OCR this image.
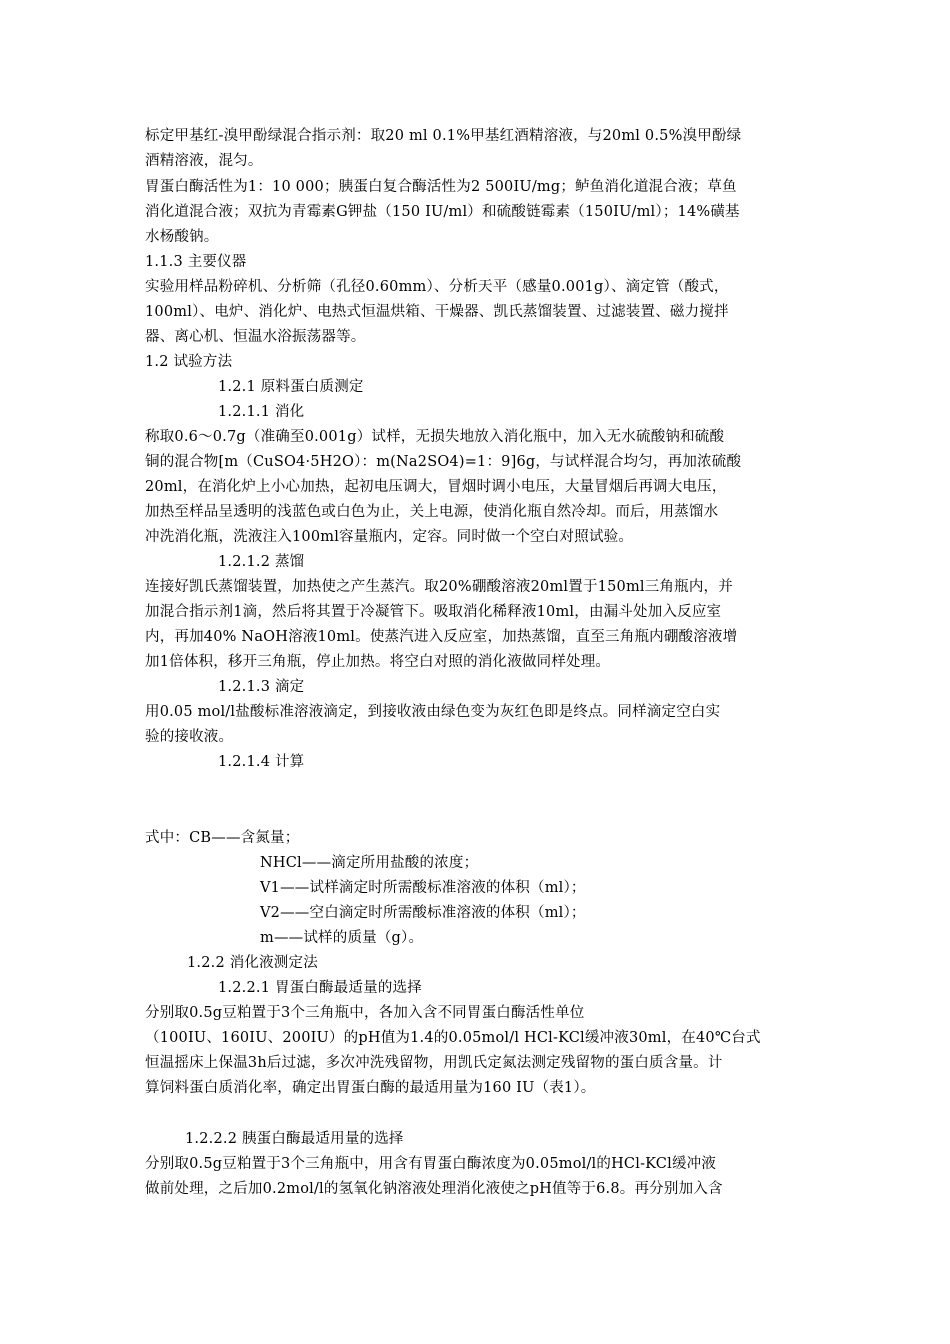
标定甲基红-溴甲酚绿混合指示剂：取20 ml 0.1%甲基红酒精溶液，与20ml 0.5%溴甲酚绿
酒精溶液，混匀。
胃蛋白酶活性为1：10 000；胰蛋白复合酶活性为2 500IU/mg；鲈鱼消化道混合液；草鱼
消化道混合液；双抗为青霉素G钾盐（150 IU/ml）和硫酸链霉素（150IU/ml）；14%磺基
水杨酸钠。
1.1.3 主要仪器
实验用样品粉碎机、分析筛（孔径0.60mm）、分析天平（感量0.001g）、滴定管（酸式，
100ml）、电炉、消化炉、电热式恒温烘箱、干燥器、凯氏蒸馏装置、过滤装置、磁力搅拌
器、离心机、恒温水浴振荡器等。
1.2 试验方法
1.2.1 原料蛋白质测定
1.2.1.1 消化
称取0.6～0.7g（准确至0.001g）试样，无损失地放入消化瓶中，加入无水硫酸钠和硫酸
铜的混合物[m（CuSO4·5H2O）：m(Na2SO4)=1：9]6g，与试样混合均匀，再加浓硫酸
20ml，在消化炉上小心加热，起初电压调大，冒烟时调小电压，大量冒烟后再调大电压，
加热至样品呈透明的浅蓝色或白色为止，关上电源，使消化瓶自然冷却。而后，用蒸馏水
冲洗消化瓶，洗液注入100ml容量瓶内，定容。同时做一个空白对照试验。
1.2.1.2 蒸馏
连接好凯氏蒸馏装置，加热使之产生蒸汽。取20%硼酸溶液20ml置于150ml三角瓶内，并
加混合指示剂1滴，然后将其置于冷凝管下。吸取消化稀释液10ml，由漏斗处加入反应室
内，再加40% NaOH溶液10ml。使蒸汽进入反应室，加热蒸馏，直至三角瓶内硼酸溶液增
加1倍体积，移开三角瓶，停止加热。将空白对照的消化液做同样处理。
1.2.1.3 滴定
用0.05 mol/l盐酸标准溶液滴定，到接收液由绿色变为灰红色即是终点。同样滴定空白实
验的接收液。
1.2.1.4 计算
式中：CB——含氮量；
NHCl——滴定所用盐酸的浓度；
V1——试样滴定时所需酸标准溶液的体积（ml）；
V2——空白滴定时所需酸标准溶液的体积（ml）；
m——试样的质量（g）。
1.2.2 消化液测定法
1.2.2.1 胃蛋白酶最适量的选择
分别取0.5g豆粕置于3个三角瓶中，各加入含不同胃蛋白酶活性单位
（100IU、160IU、200IU）的pH值为1.4的0.05mol/l HCl-KCl缓冲液30ml，在40℃台式
恒温摇床上保温3h后过滤，多次冲洗残留物，用凯氏定氮法测定残留物的蛋白质含量。计
算饲料蛋白质消化率，确定出胃蛋白酶的最适用量为160 IU（表1）。
1.2.2.2 胰蛋白酶最适用量的选择
分别取0.5g豆粕置于3个三角瓶中，用含有胃蛋白酶浓度为0.05mol/l的HCl-KCl缓冲液
做前处理，之后加0.2mol/l的氢氧化钠溶液处理消化液使之pH值等于6.8。再分别加入含
